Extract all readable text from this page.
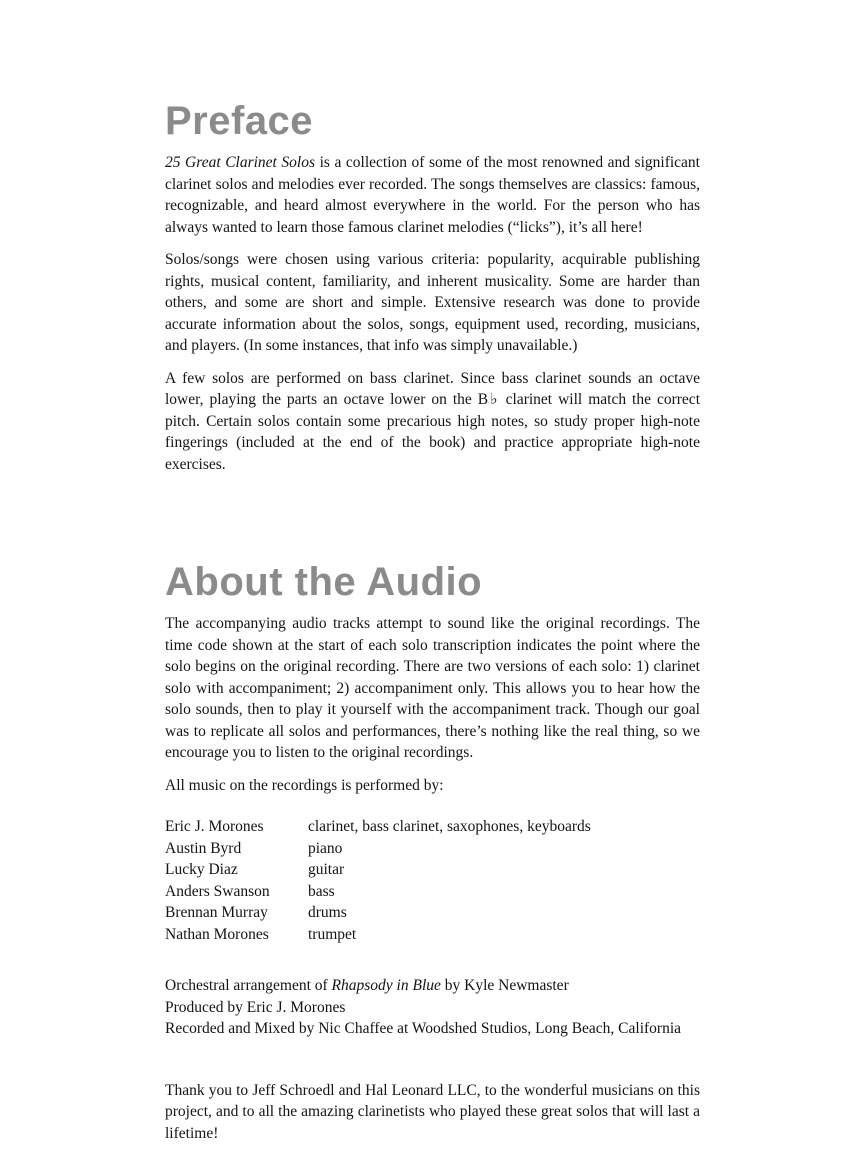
Preface

25 Great Clarinet Solos is a collection of some of the most renowned and significant clarinet solos and melodies ever recorded. The songs themselves are classics: famous, recognizable, and heard almost everywhere in the world. For the person who has always wanted to learn those famous clarinet melodies (“licks”), it’s all here!

Solos/songs were chosen using various criteria: popularity, acquirable publishing rights, musical content, familiarity, and inherent musicality. Some are harder than others, and some are short and simple. Extensive research was done to provide accurate information about the solos, songs, equipment used, recording, musicians, and players. (In some instances, that info was simply unavailable.)

A few solos are performed on bass clarinet. Since bass clarinet sounds an octave lower, playing the parts an octave lower on the B♭ clarinet will match the correct pitch. Certain solos contain some precarious high notes, so study proper high-note fingerings (included at the end of the book) and practice appropriate high-note exercises.

About the Audio

The accompanying audio tracks attempt to sound like the original recordings. The time code shown at the start of each solo transcription indicates the point where the solo begins on the original recording. There are two versions of each solo: 1) clarinet solo with accompaniment; 2) accompaniment only. This allows you to hear how the solo sounds, then to play it yourself with the accompaniment track. Though our goal was to replicate all solos and performances, there’s nothing like the real thing, so we encourage you to listen to the original recordings.

All music on the recordings is performed by:

Eric J. Morones	clarinet, bass clarinet, saxophones, keyboards
Austin Byrd	piano
Lucky Diaz	guitar
Anders Swanson	bass
Brennan Murray	drums
Nathan Morones	trumpet

Orchestral arrangement of Rhapsody in Blue by Kyle Newmaster

Produced by Eric J. Morones

Recorded and Mixed by Nic Chaffee at Woodshed Studios, Long Beach, California

Thank you to Jeff Schroedl and Hal Leonard LLC, to the wonderful musicians on this project, and to all the amazing clarinetists who played these great solos that will last a lifetime!
